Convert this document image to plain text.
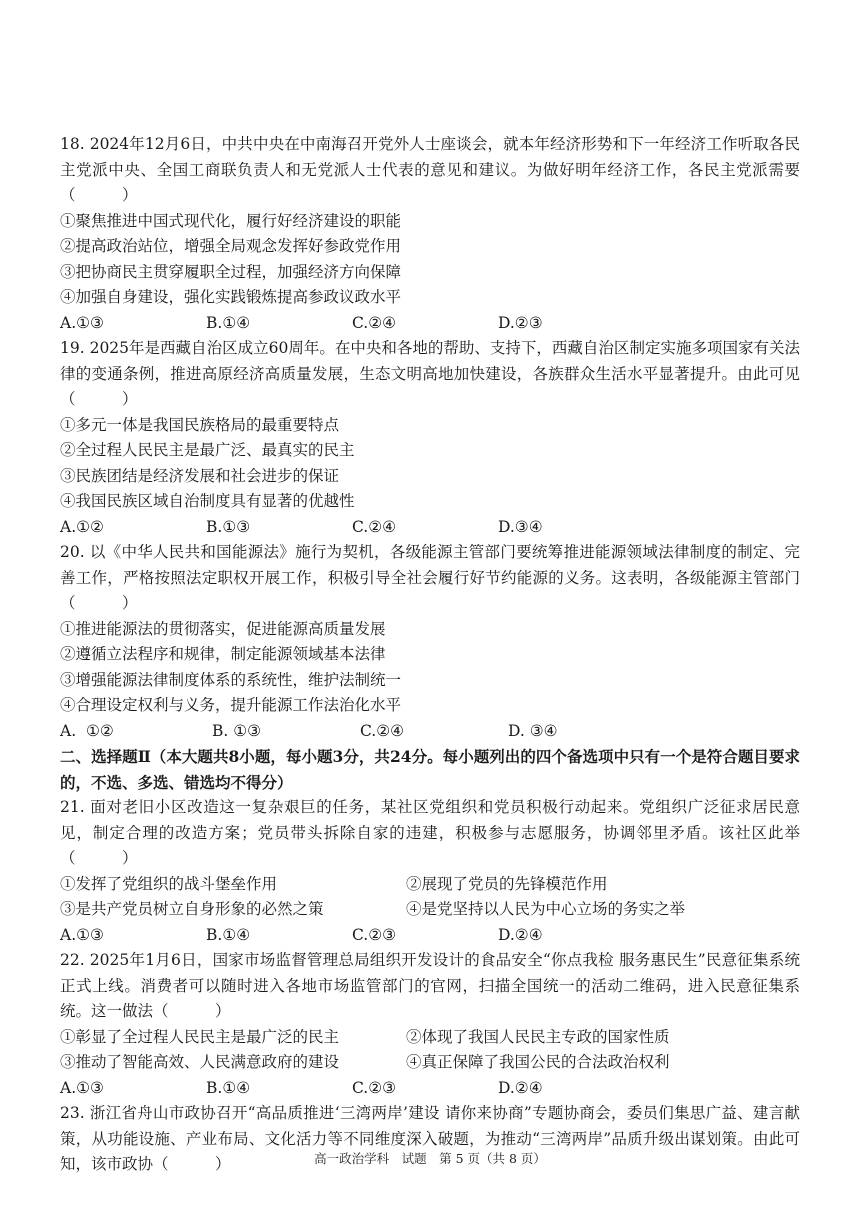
18. 2024年12月6日，中共中央在中南海召开党外人士座谈会，就本年经济形势和下一年经济工作听取各民主党派中央、全国工商联负责人和无党派人士代表的意见和建议。为做好明年经济工作，各民主党派需要（　　　）
①聚焦推进中国式现代化，履行好经济建设的职能
②提高政治站位，增强全局观念发挥好参政党作用
③把协商民主贯穿履职全过程，加强经济方向保障
④加强自身建设，强化实践锻炼提高参政议政水平
A.①③	B.①④	C.②④	D.②③
19. 2025年是西藏自治区成立60周年。在中央和各地的帮助、支持下，西藏自治区制定实施多项国家有关法律的变通条例，推进高原经济高质量发展，生态文明高地加快建设，各族群众生活水平显著提升。由此可见（　　　）
①多元一体是我国民族格局的最重要特点
②全过程人民民主是最广泛、最真实的民主
③民族团结是经济发展和社会进步的保证
④我国民族区域自治制度具有显著的优越性
A.①②	B.①③	C.②④	D.③④
20. 以《中华人民共和国能源法》施行为契机，各级能源主管部门要统筹推进能源领域法律制度的制定、完善工作，严格按照法定职权开展工作，积极引导全社会履行好节约能源的义务。这表明，各级能源主管部门（　　　）
①推进能源法的贯彻落实，促进能源高质量发展
②遵循立法程序和规律，制定能源领域基本法律
③增强能源法律制度体系的系统性，维护法制统一
④合理设定权利与义务，提升能源工作法治化水平
A.  ①②	B. ①③	C.②④	D. ③④
二、选择题Ⅱ（本大题共8小题，每小题3分，共24分。每小题列出的四个备选项中只有一个是符合题目要求的，不选、多选、错选均不得分）
21. 面对老旧小区改造这一复杂艰巨的任务，某社区党组织和党员积极行动起来。党组织广泛征求居民意见，制定合理的改造方案；党员带头拆除自家的违建，积极参与志愿服务，协调邻里矛盾。该社区此举（　　　）
①发挥了党组织的战斗堡垒作用	②展现了党员的先锋模范作用
③是共产党员树立自身形象的必然之策	④是党坚持以人民为中心立场的务实之举
A.①③	B.①④	C.②③	D.②④
22. 2025年1月6日，国家市场监督管理总局组织开发设计的食品安全“你点我检 服务惠民生”民意征集系统正式上线。消费者可以随时进入各地市场监管部门的官网，扫描全国统一的活动二维码，进入民意征集系统。这一做法（　　　）
①彰显了全过程人民民主是最广泛的民主	②体现了我国人民民主专政的国家性质
③推动了智能高效、人民满意政府的建设	④真正保障了我国公民的合法政治权利
A.①③	B.①④	C.②③	D.②④
23. 浙江省舟山市政协召开“高品质推进‘三湾两岸’建设 请你来协商”专题协商会，委员们集思广益、建言献策，从功能设施、产业布局、文化活力等不同维度深入破题，为推动“三湾两岸”品质升级出谋划策。由此可知，该市政协（　　　）	高一政治学科　试题　第 5 页（共 8 页）
